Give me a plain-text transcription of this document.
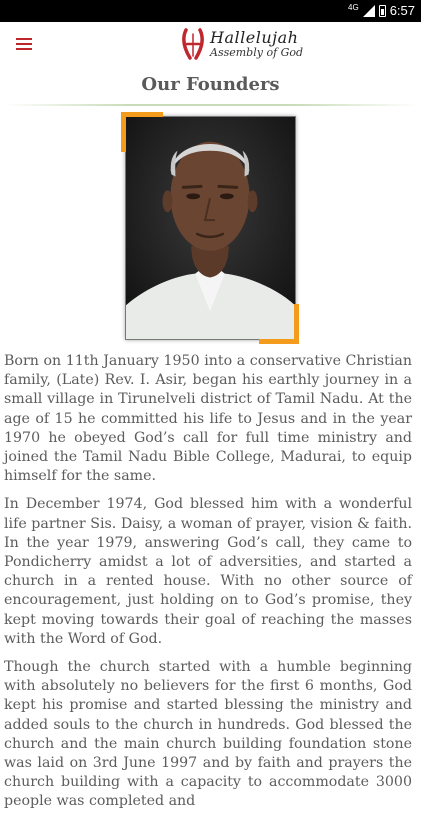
4G 6:57
Hallelujah
Assembly of God
Our Founders

Born on 11th January 1950 into a conservative Christian family, (Late) Rev. I. Asir, began his earthly journey in a small village in Tirunelveli district of Tamil Nadu. At the age of 15 he committed his life to Jesus and in the year 1970 he obeyed God’s call for full time ministry and joined the Tamil Nadu Bible College, Madurai, to equip himself for the same.

In December 1974, God blessed him with a wonderful life partner Sis. Daisy, a woman of prayer, vision & faith. In the year 1979, answering God’s call, they came to Pondicherry amidst a lot of adversities, and started a church in a rented house. With no other source of encouragement, just holding on to God’s promise, they kept moving towards their goal of reaching the masses with the Word of God.

Though the church started with a humble beginning with absolutely no believers for the first 6 months, God kept his promise and started blessing the ministry and added souls to the church in hundreds. God blessed the church and the main church building foundation stone was laid on 3rd June 1997 and by faith and prayers the church building with a capacity to accommodate 3000 people was completed and
